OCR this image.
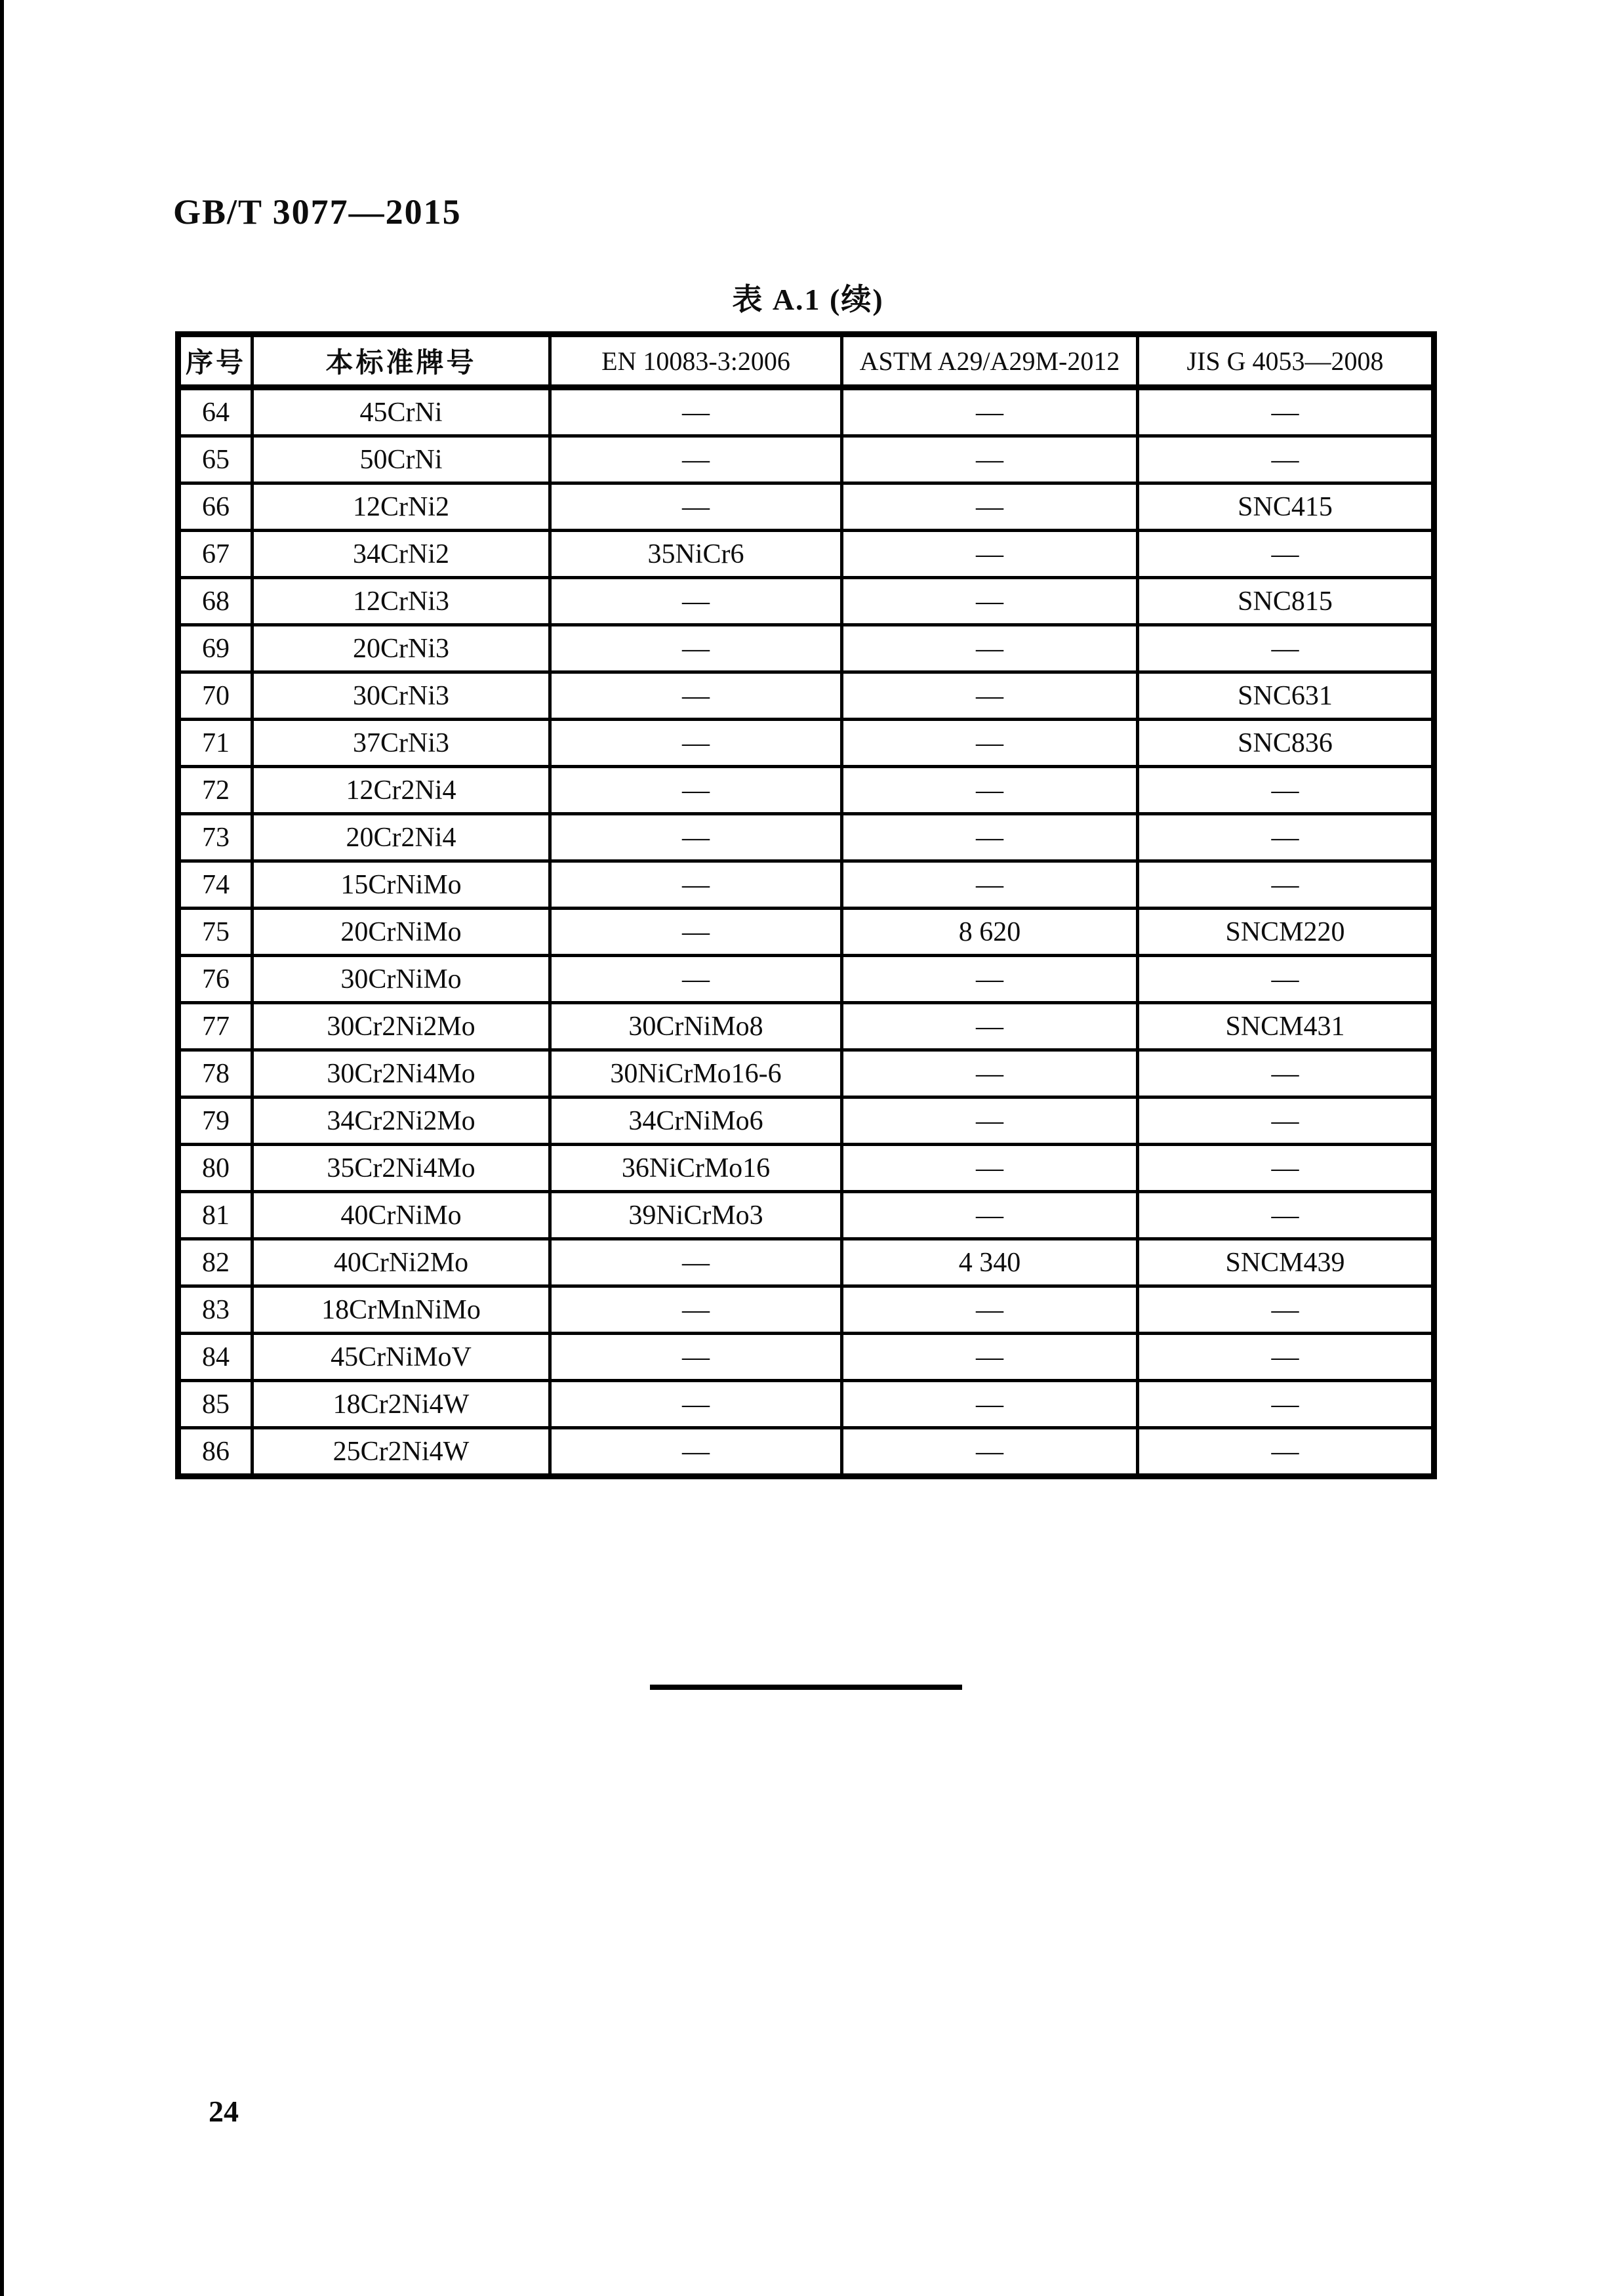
GB/T 3077—2015
表 A.1 (续)
序号	本标准牌号	EN 10083-3:2006	ASTM A29/A29M-2012	JIS G 4053—2008
64	45CrNi	—	—	—
65	50CrNi	—	—	—
66	12CrNi2	—	—	SNC415
67	34CrNi2	35NiCr6	—	—
68	12CrNi3	—	—	SNC815
69	20CrNi3	—	—	—
70	30CrNi3	—	—	SNC631
71	37CrNi3	—	—	SNC836
72	12Cr2Ni4	—	—	—
73	20Cr2Ni4	—	—	—
74	15CrNiMo	—	—	—
75	20CrNiMo	—	8 620	SNCM220
76	30CrNiMo	—	—	—
77	30Cr2Ni2Mo	30CrNiMo8	—	SNCM431
78	30Cr2Ni4Mo	30NiCrMo16-6	—	—
79	34Cr2Ni2Mo	34CrNiMo6	—	—
80	35Cr2Ni4Mo	36NiCrMo16	—	—
81	40CrNiMo	39NiCrMo3	—	—
82	40CrNi2Mo	—	4 340	SNCM439
83	18CrMnNiMo	—	—	—
84	45CrNiMoV	—	—	—
85	18Cr2Ni4W	—	—	—
86	25Cr2Ni4W	—	—	—
24
